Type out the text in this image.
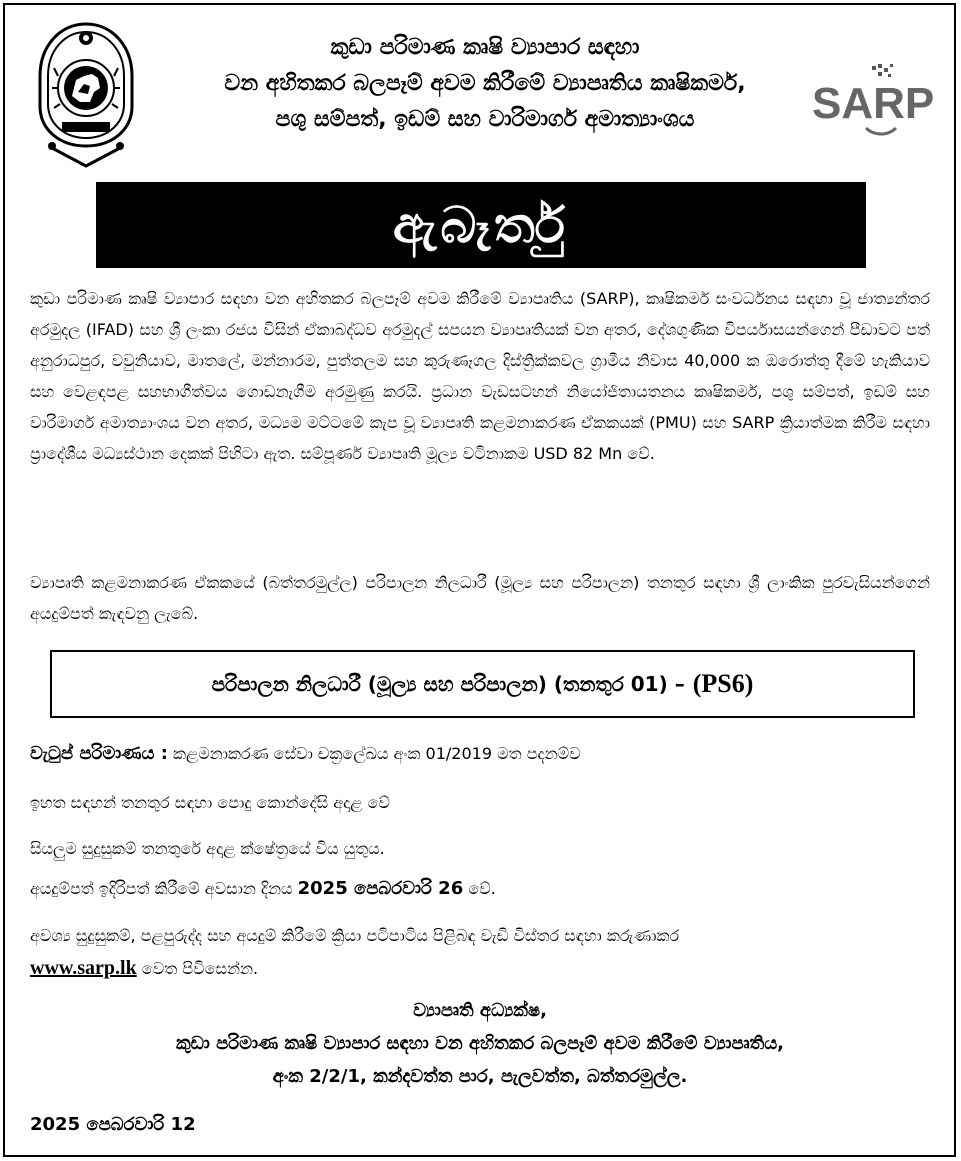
කුඩා පරිමාණ කෘෂි ව්‍යාපාර සඳහා
වන අහිතකර බලපෑම් අවම කිරීමේ ව්‍යාපෘතිය කෘෂිකර්ම,
පශු සම්පත්, ඉඩම් සහ වාරිමාර්ග අමාත්‍යාංශය	SARP
ඇබෑර්තු
කුඩා පරිමාණ කෘෂි ව්‍යාපාර සඳහා වන අහිතකර බලපෑම් අවම කිරීමේ ව්‍යාපෘතිය (SARP), කෘෂිකර්ම සංවර්ධනය සඳහා වූ ජාත්‍යන්තර අරමුදල (IFAD) සහ ශ්‍රී ලංකා රජය විසින් ඒකාබද්ධව අරමුදල් සපයන ව්‍යාපෘතියක් වන අතර, දේශගුණික විපර්යාසයන්ගෙන් පීඩාවට පත් අනුරාධපුර, වවුනියාව, මාතලේ, මන්නාරම, පුත්තලම සහ කුරුණෑගල දිස්ත්‍රික්කවල ග්‍රාමීය නිවාස 40,000 ක ඔරොත්තු දීමේ හැකියාව සහ වෙළඳපළ සහභාගීත්වය ගොඩනැගීම අරමුණු කරයි. ප්‍රධාන වැඩසටහන් නියෝජිතායතනය කෘෂිකර්ම, පශු සම්පත්, ඉඩම් සහ වාරිමාර්ග අමාත්‍යාංශය වන අතර, මධ්‍යම මට්ටමේ කැප වූ ව්‍යාපෘති කළමනාකරණ ඒකකයක් (PMU) සහ SARP ක්‍රියාත්මක කිරීම සඳහා ප්‍රාදේශීය මධ්‍යස්ථාන දෙකක් පිහිටා ඇත. සම්පූර්ණ ව්‍යාපෘති මූල්‍ය වටිනාකම USD 82 Mn වේ.
ව්‍යාපෘති කළමනාකරණ ඒකකයේ (බත්තරමුල්ල) පරිපාලන නිලධාරී (මූල්‍ය සහ පරිපාලන) තනතුර සඳහා ශ්‍රී ලාංකික පුරවැසියන්ගෙන් අයදුම්පත් කැඳවනු ලැබේ.
පරිපාලන නිලධාරී (මූල්‍ය සහ පරිපාලන) (තනතුර 01) – (PS6)
වැටුප් පරිමාණය : කළමනාකරණ සේවා චක්‍රලේඛය අංක 01/2019 මත පදනම්ව
ඉහත සඳහන් තනතුර සඳහා පොදු කොන්දේසි අදාළ වේ
සියලුම සුදුසුකම් තනතුරේ අදාළ ක්ෂේත්‍රයේ විය යුතුය.
අයදුම්පත් ඉදිරිපත් කිරීමේ අවසාන දිනය 2025 පෙබරවාරි 26 වේ.
අවශ්‍ය සුදුසුකම්, පළපුරුද්ද සහ අයදුම් කිරීමේ ක්‍රියා පටිපාටිය පිළිබඳ වැඩි විස්තර සඳහා කරුණාකර
www.sarp.lk වෙත පිවිසෙන්න.
ව්‍යාපෘති අධ්‍යක්ෂ,
කුඩා පරිමාණ කෘෂි ව්‍යාපාර සඳහා වන අහිතකර බලපෑම් අවම කිරීමේ ව්‍යාපෘතිය,
අංක 2/2/1, කන්දවත්ත පාර, පැලවත්ත, බත්තරමුල්ල.
2025 පෙබරවාරි 12
